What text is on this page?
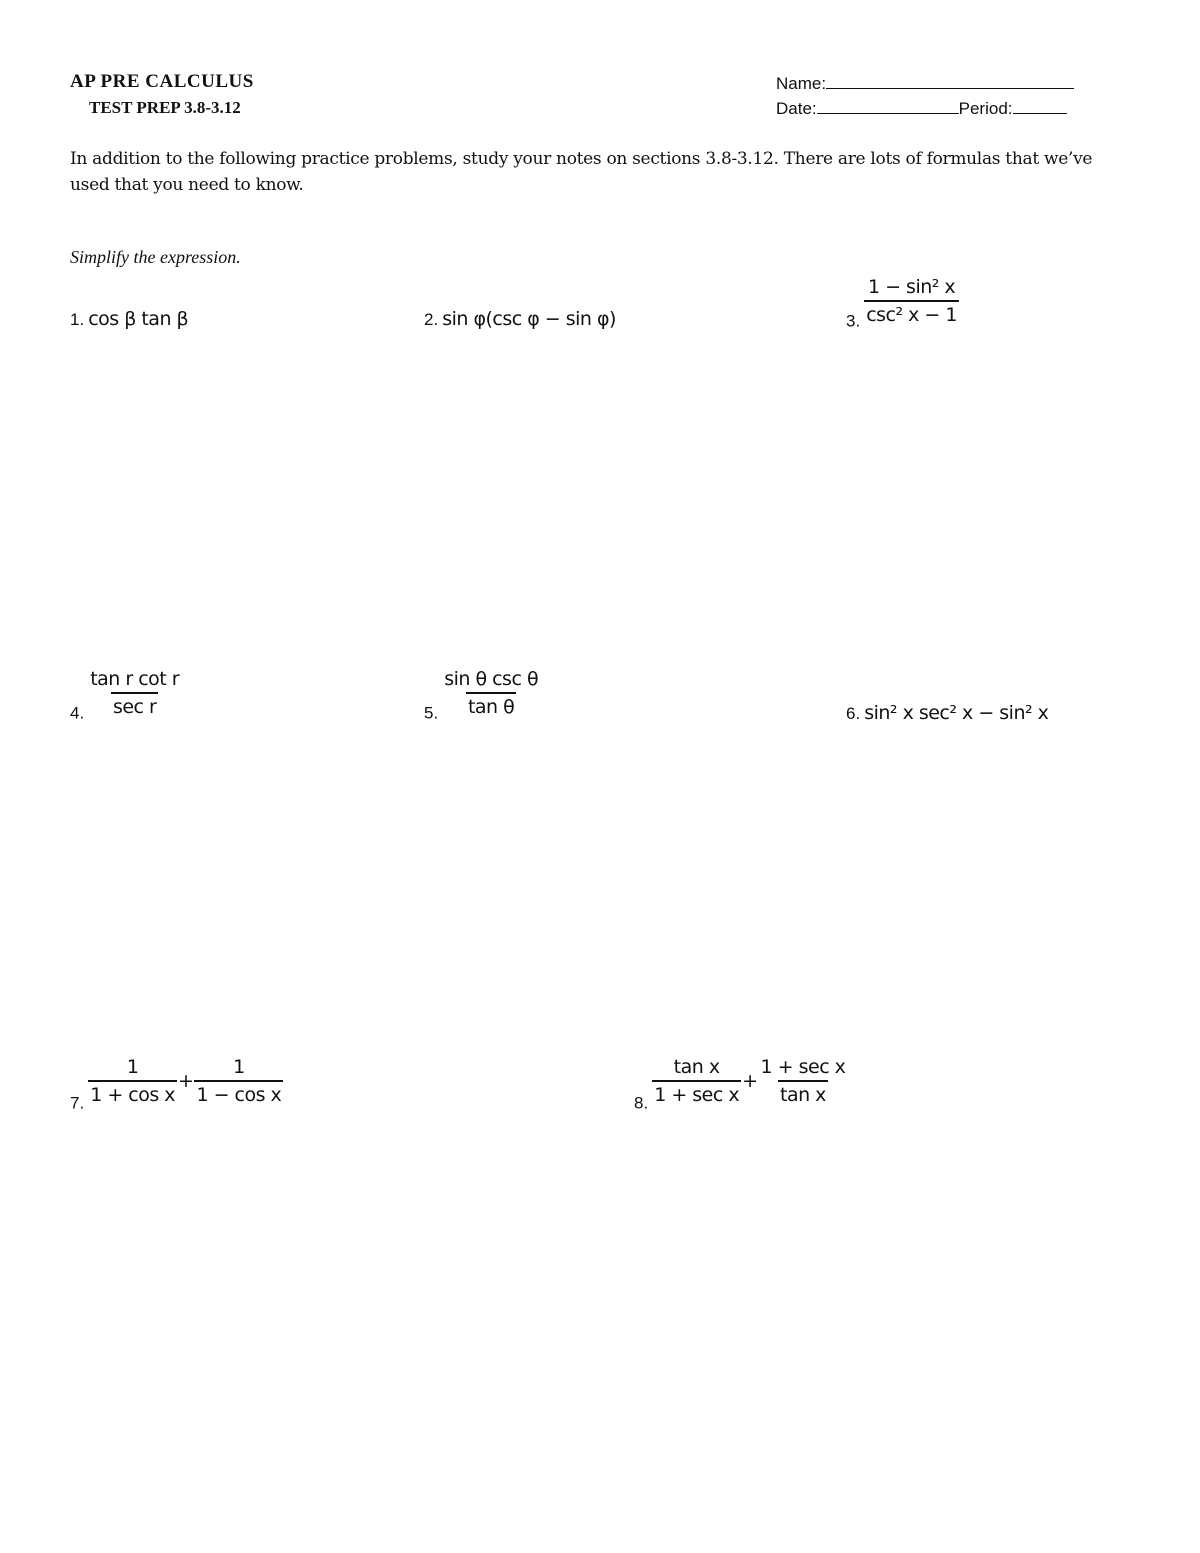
AP PRE CALCULUS
TEST PREP 3.8-3.12
Name:
Date:	Period:
In addition to the following practice problems, study your notes on sections 3.8-3.12. There are lots of formulas that we’ve used that you need to know.
Simplify the expression.
1. cos β tan β	2. sin φ(csc φ − sin φ)	3. $\frac{\text{1 − sin² x}}{\text{csc² x − 1}}$
4. $\frac{\text{tan r cot r}}{\text{sec r}}$	5. $\frac{\text{sin θ csc θ}}{\text{tan θ}}$	6. sin² x sec² x − sin² x
7. $\frac{1}{\text{1 + cos x}} + \frac{1}{\text{1 − cos x}}$	8. $\frac{\text{tan x}}{\text{1 + sec x}} + \frac{\text{1 + sec x}}{\text{tan x}}$
